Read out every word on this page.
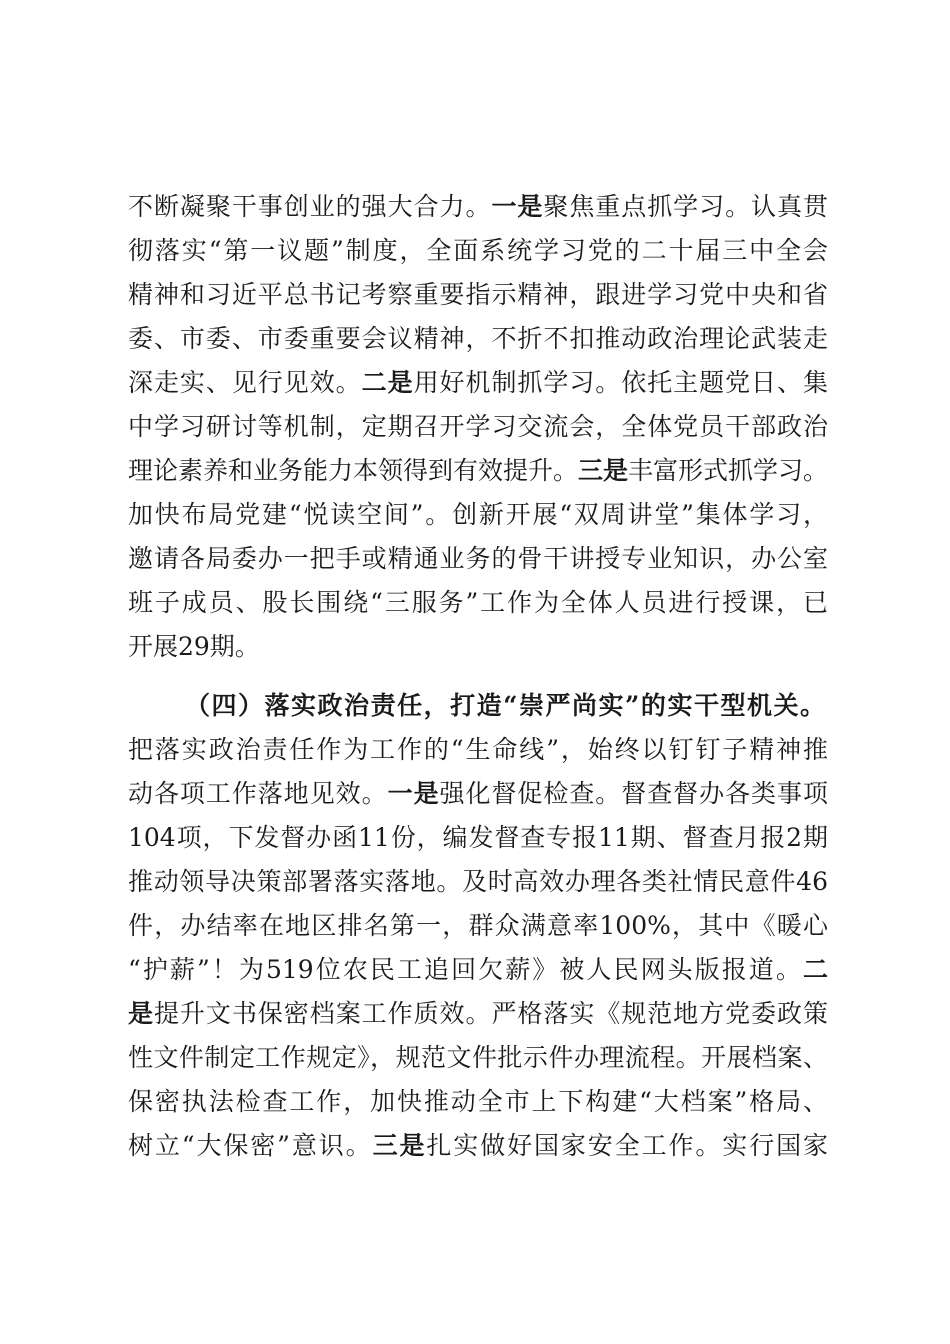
不断凝聚干事创业的强大合力。一是聚焦重点抓学习。认真贯
彻落实“第一议题”制度，全面系统学习党的二十届三中全会
精神和习近平总书记考察重要指示精神，跟进学习党中央和省
委、市委、市委重要会议精神，不折不扣推动政治理论武装走
深走实、见行见效。二是用好机制抓学习。依托主题党日、集
中学习研讨等机制，定期召开学习交流会，全体党员干部政治
理论素养和业务能力本领得到有效提升。三是丰富形式抓学习。
加快布局党建“悦读空间”。创新开展“双周讲堂”集体学习，
邀请各局委办一把手或精通业务的骨干讲授专业知识，办公室
班子成员、股长围绕“三服务”工作为全体人员进行授课，已
开展29期。
（四）落实政治责任，打造“崇严尚实”的实干型机关。
把落实政治责任作为工作的“生命线”，始终以钉钉子精神推
动各项工作落地见效。一是强化督促检查。督查督办各类事项
104项，下发督办函11份，编发督查专报11期、督查月报2期
推动领导决策部署落实落地。及时高效办理各类社情民意件46
件，办结率在地区排名第一，群众满意率100%，其中《暖心
“护薪”！为519位农民工追回欠薪》被人民网头版报道。二
是提升文书保密档案工作质效。严格落实《规范地方党委政策
性文件制定工作规定》，规范文件批示件办理流程。开展档案、
保密执法检查工作，加快推动全市上下构建“大档案”格局、
树立“大保密”意识。三是扎实做好国家安全工作。实行国家
